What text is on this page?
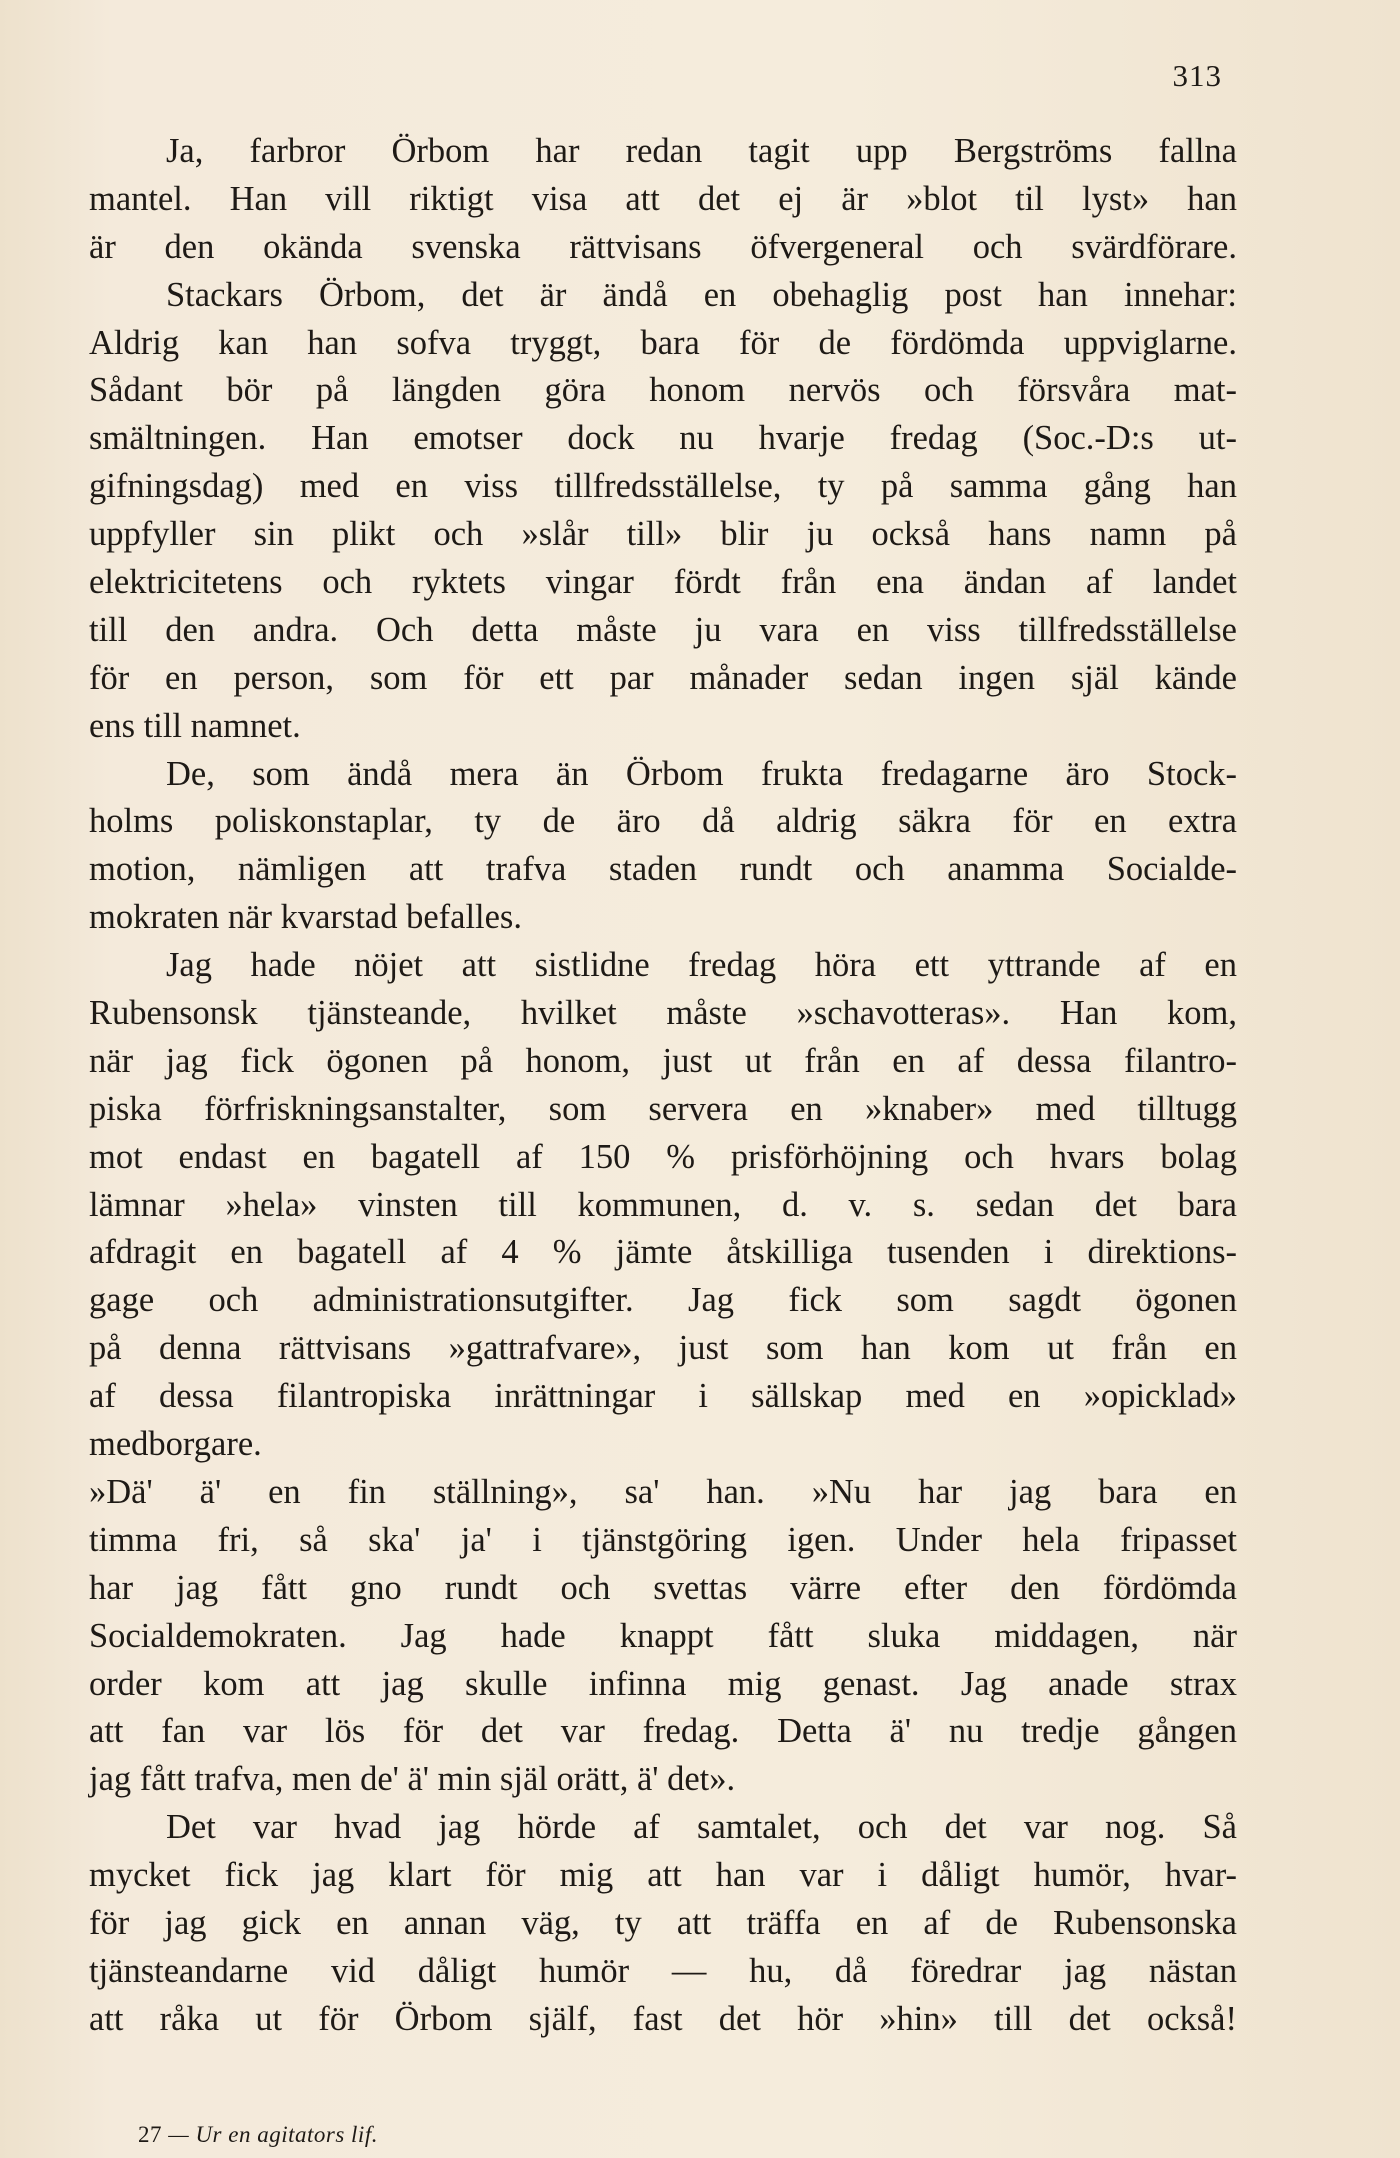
313
Ja, farbror Örbom har redan tagit upp Bergströms fallna
mantel. Han vill riktigt visa att det ej är »blot til lyst» han
är den okända svenska rättvisans öfvergeneral och svärdförare.
Stackars Örbom, det är ändå en obehaglig post han innehar:
Aldrig kan han sofva tryggt, bara för de fördömda uppviglarne.
Sådant bör på längden göra honom nervös och försvåra mat-
smältningen. Han emotser dock nu hvarje fredag (Soc.-D:s ut-
gifningsdag) med en viss tillfredsställelse, ty på samma gång han
uppfyller sin plikt och »slår till» blir ju också hans namn på
elektricitetens och ryktets vingar fördt från ena ändan af landet
till den andra. Och detta måste ju vara en viss tillfredsställelse
för en person, som för ett par månader sedan ingen själ kände
ens till namnet.
De, som ändå mera än Örbom frukta fredagarne äro Stock-
holms poliskonstaplar, ty de äro då aldrig säkra för en extra
motion, nämligen att trafva staden rundt och anamma Socialde-
mokraten när kvarstad befalles.
Jag hade nöjet att sistlidne fredag höra ett yttrande af en
Rubensonsk tjänsteande, hvilket måste »schavotteras». Han kom,
när jag fick ögonen på honom, just ut från en af dessa filantro-
piska förfriskningsanstalter, som servera en »knaber» med tilltugg
mot endast en bagatell af 150 % prisförhöjning och hvars bolag
lämnar »hela» vinsten till kommunen, d. v. s. sedan det bara
afdragit en bagatell af 4 % jämte åtskilliga tusenden i direktions-
gage och administrationsutgifter. Jag fick som sagdt ögonen
på denna rättvisans »gattrafvare», just som han kom ut från en
af dessa filantropiska inrättningar i sällskap med en »opicklad»
medborgare.
»Dä' ä' en fin ställning», sa' han. »Nu har jag bara en
timma fri, så ska' ja' i tjänstgöring igen. Under hela fripasset
har jag fått gno rundt och svettas värre efter den fördömda
Socialdemokraten. Jag hade knappt fått sluka middagen, när
order kom att jag skulle infinna mig genast. Jag anade strax
att fan var lös för det var fredag. Detta ä' nu tredje gången
jag fått trafva, men de' ä' min själ orätt, ä' det».
Det var hvad jag hörde af samtalet, och det var nog. Så
mycket fick jag klart för mig att han var i dåligt humör, hvar-
för jag gick en annan väg, ty att träffa en af de Rubensonska
tjänsteandarne vid dåligt humör — hu, då föredrar jag nästan
att råka ut för Örbom själf, fast det hör »hin» till det också!
27 — Ur en agitators lif.
